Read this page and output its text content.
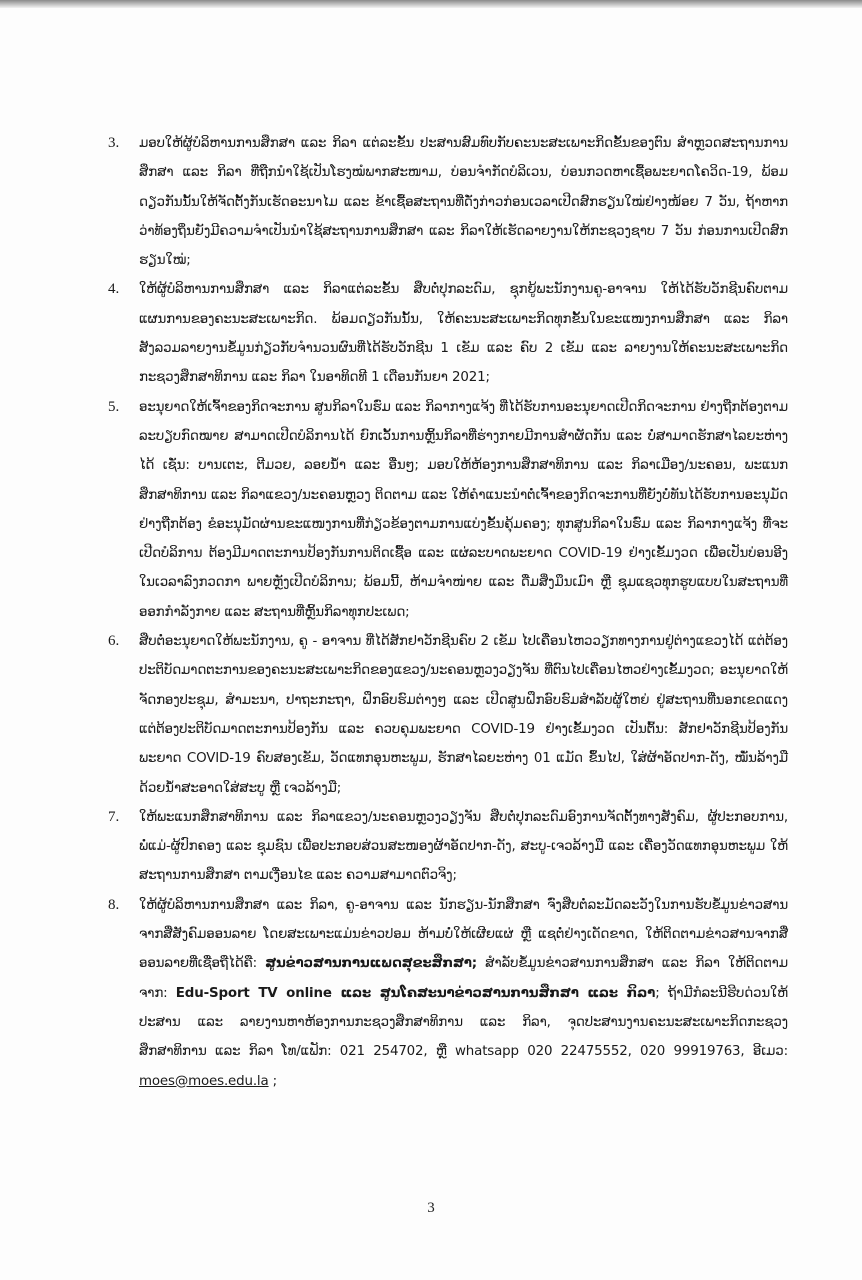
3. ມອບໃຫ້ຜູ້ບໍລິຫານການສຶກສາ ແລະ ກິລາ ແຕ່ລະຂັ້ນ ປະສານສົມທົບກັບຄະນະສະເພາະກິດຂັ້ນຂອງຕົນ ສຳຫຼວດສະຖານການສຶກສາ ແລະ ກິລາ ທີ່ຖືກນຳໃຊ້ເປັນໂຮງໝໍພາກສະໜາມ, ບ່ອນຈຳກັດບໍລິເວນ, ບ່ອນກວດຫາເຊື້ອພະຍາດໂຄວິດ-19, ພ້ອມດຽວກັນນັ້ນໃຫ້ຈັດຕັ້ງກັນເຮັດອະນາໄມ ແລະ ຂ້າເຊື້ອສະຖານທີ່ດັ່ງກ່າວກ່ອນເວລາເປີດສົກຮຽນໃໝ່ຢ່າງໜ້ອຍ 7 ວັນ, ຖ້າຫາກວ່າທ້ອງຖິ່ນຍັງມີຄວາມຈຳເປັນນຳໃຊ້ສະຖານການສຶກສາ ແລະ ກິລາໃຫ້ເຮັດລາຍງານໃຫ້ກະຊວງຊາບ 7 ວັນ ກ່ອນການເປີດສົກຮຽນໃໝ່;
4. ໃຫ້ຜູ້ບໍລິຫານການສຶກສາ ແລະ ກິລາແຕ່ລະຂັ້ນ ສືບຕໍ່ປຸກລະດົມ, ຊຸກຍູ້ພະນັກງານຄູ-ອາຈານ ໃຫ້ໄດ້ຮັບວັກຊີນຄົບຕາມແຜນການຂອງຄະນະສະເພາະກິດ. ພ້ອມດຽວກັນນັ້ນ, ໃຫ້ຄະນະສະເພາະກິດທຸກຂັ້ນໃນຂະແໜງການສຶກສາ ແລະ ກິລາ ສັງລວມລາຍງານຂໍ້ມູນກ່ຽວກັບຈຳນວນຜົນທີ່ໄດ້ຮັບວັກຊີນ 1 ເຂັມ ແລະ ຄົບ 2 ເຂັມ ແລະ ລາຍງານໃຫ້ຄະນະສະເພາະກິດກະຊວງສຶກສາທິການ ແລະ ກິລາ ໃນອາທິດທີ 1 ເດືອນກັນຍາ 2021;
5. ອະນຸຍາດໃຫ້ເຈົ້າຂອງກິດຈະການ ສູນກິລາໃນຮົ່ມ ແລະ ກິລາກາງແຈ້ງ ທີ່ໄດ້ຮັບການອະນຸຍາດເປີດກິດຈະການ ຢ່າງຖືກຕ້ອງຕາມລະບຽບກົດໝາຍ ສາມາດເປີດບໍລິການໄດ້ ຍົກເວັ້ນການຫຼິ້ນກິລາທີ່ຮ່າງກາຍມີການສຳຜັດກັນ ແລະ ບໍ່ສາມາດຮັກສາໄລຍະຫ່າງໄດ້ ເຊັ່ນ: ບານເຕະ, ຕີມວຍ, ລອຍນ້ຳ ແລະ ອື່ນໆ; ມອບໃຫ້ຫ້ອງການສຶກສາທິການ ແລະ ກິລາເມືອງ/ນະຄອນ, ພະແນກສຶກສາທິການ ແລະ ກິລາແຂວງ/ນະຄອນຫຼວງ ຕິດຕາມ ແລະ ໃຫ້ຄຳແນະນຳຕໍ່ເຈົ້າຂອງກິດຈະການທີ່ຍັງບໍ່ທັນໄດ້ຮັບການອະນຸມັດຢ່າງຖືກຕ້ອງ ຂໍອະນຸມັດຜ່ານຂະແໜງການທີ່ກ່ຽວຂ້ອງຕາມການແບ່ງຂັ້ນຄຸ້ມຄອງ; ທຸກສູນກິລາໃນຮົ່ມ ແລະ ກິລາກາງແຈ້ງ ທີ່ຈະເປີດບໍລິການ ຕ້ອງມີມາດຕະການປ້ອງກັນການຕິດເຊື້ອ ແລະ ແຜ່ລະບາດພະຍາດ COVID-19 ຢ່າງເຂັ້ມງວດ ເພື່ອເປັນບ່ອນອີງໃນເວລາລົງກວດກາ ພາຍຫຼັງເປີດບໍລິການ; ພ້ອມນີ້, ຫ້າມຈຳໜ່າຍ ແລະ ດື່ມສິ່ງມຶນເມົາ ຫຼື ຊຸມແຊວທຸກຮູບແບບໃນສະຖານທີ່ອອກກຳລັງກາຍ ແລະ ສະຖານທີ່ຫຼິ້ນກິລາທຸກປະເພດ;
6. ສືບຕໍ່ອະນຸຍາດໃຫ້ພະນັກງານ, ຄູ - ອາຈານ ທີ່ໄດ້ສັກຢາວັກຊີນຄົບ 2 ເຂັມ ໄປເຄື່ອນໄຫວວຽກທາງການຢູ່ຕ່າງແຂວງໄດ້ ແຕ່ຕ້ອງປະຕິບັດມາດຕະການຂອງຄະນະສະເພາະກິດຂອງແຂວງ/ນະຄອນຫຼວງວຽງຈັນ ທີ່ຕົນໄປເຄື່ອນໄຫວຢ່າງເຂັ້ມງວດ; ອະນຸຍາດໃຫ້ຈັດກອງປະຊຸມ, ສຳມະນາ, ປາຖະກະຖາ, ຝຶກອົບຮົມຕ່າງໆ ແລະ ເປີດສູນຝຶກອົບຮົມສຳລັບຜູ້ໃຫຍ່ ຢູ່ສະຖານທີ່ນອກເຂດແດງ ແຕ່ຕ້ອງປະຕິບັດມາດຕະການປ້ອງກັນ ແລະ ຄວບຄຸມພະຍາດ COVID-19 ຢ່າງເຂັ້ມງວດ ເປັນຕົ້ນ: ສັກຢາວັກຊີນປ້ອງກັນພະຍາດ COVID-19 ຄົບສອງເຂັມ, ວັດແທກອຸນຫະພູມ, ຮັກສາໄລຍະຫ່າງ 01 ແມັດ ຂຶ້ນໄປ, ໃສ່ຜ້າອັດປາກ-ດັງ, ໝັ່ນລ້າງມືດ້ວຍນ້ຳສະອາດໃສ່ສະບູ ຫຼື ເຈວລ້າງມື;
7. ໃຫ້ພະແນກສຶກສາທິການ ແລະ ກິລາແຂວງ/ນະຄອນຫຼວງວຽງຈັນ ສືບຕໍ່ປຸກລະດົມອົງການຈັດຕັ້ງທາງສັງຄົມ, ຜູ້ປະກອບການ, ພໍ່ແມ່-ຜູ້ປົກຄອງ ແລະ ຊຸມຊົນ ເພື່ອປະກອບສ່ວນສະໜອງຜ້າອັດປາກ-ດັງ, ສະບູ-ເຈວລ້າງມື ແລະ ເຄື່ອງວັດແທກອຸນຫະພູມ ໃຫ້ສະຖານການສຶກສາ ຕາມເງື່ອນໄຂ ແລະ ຄວາມສາມາດຕົວຈິງ;
8. ໃຫ້ຜູ້ບໍລິຫານການສຶກສາ ແລະ ກິລາ, ຄູ-ອາຈານ ແລະ ນັກຮຽນ-ນັກສຶກສາ ຈົ່ງສືບຕໍ່ລະມັດລະວັງໃນການຮັບຂໍ້ມູນຂ່າວສານຈາກສື່ສັງຄົມອອນລາຍ ໂດຍສະເພາະແມ່ນຂ່າວປອມ ຫ້າມບໍ່ໃຫ້ເຜີຍແຜ່ ຫຼື ແຊຕໍ່ຢ່າງເດັດຂາດ, ໃຫ້ຕິດຕາມຂ່າວສານຈາກສື່ອອນລາຍທີ່ເຊື່ອຖືໄດ້ຄື: ສູນຂ່າວສານການແພດສຸຂະສຶກສາ; ສຳລັບຂໍ້ມູນຂ່າວສານການສຶກສາ ແລະ ກິລາ ໃຫ້ຕິດຕາມຈາກ: Edu-Sport TV online ແລະ ສູນໂຄສະນາຂ່າວສານການສຶກສາ ແລະ ກິລາ; ຖ້າມີກໍລະນີຮີບດ່ວນໃຫ້ປະສານ ແລະ ລາຍງານຫາຫ້ອງການກະຊວງສຶກສາທິການ ແລະ ກິລາ, ຈຸດປະສານງານຄະນະສະເພາະກິດກະຊວງສຶກສາທິການ ແລະ ກິລາ ໂທ/ແຟັກ: 021 254702, ຫຼື whatsapp 020 22475552, 020 99919763, ອີເມວ: moes@moes.edu.la ;
3
